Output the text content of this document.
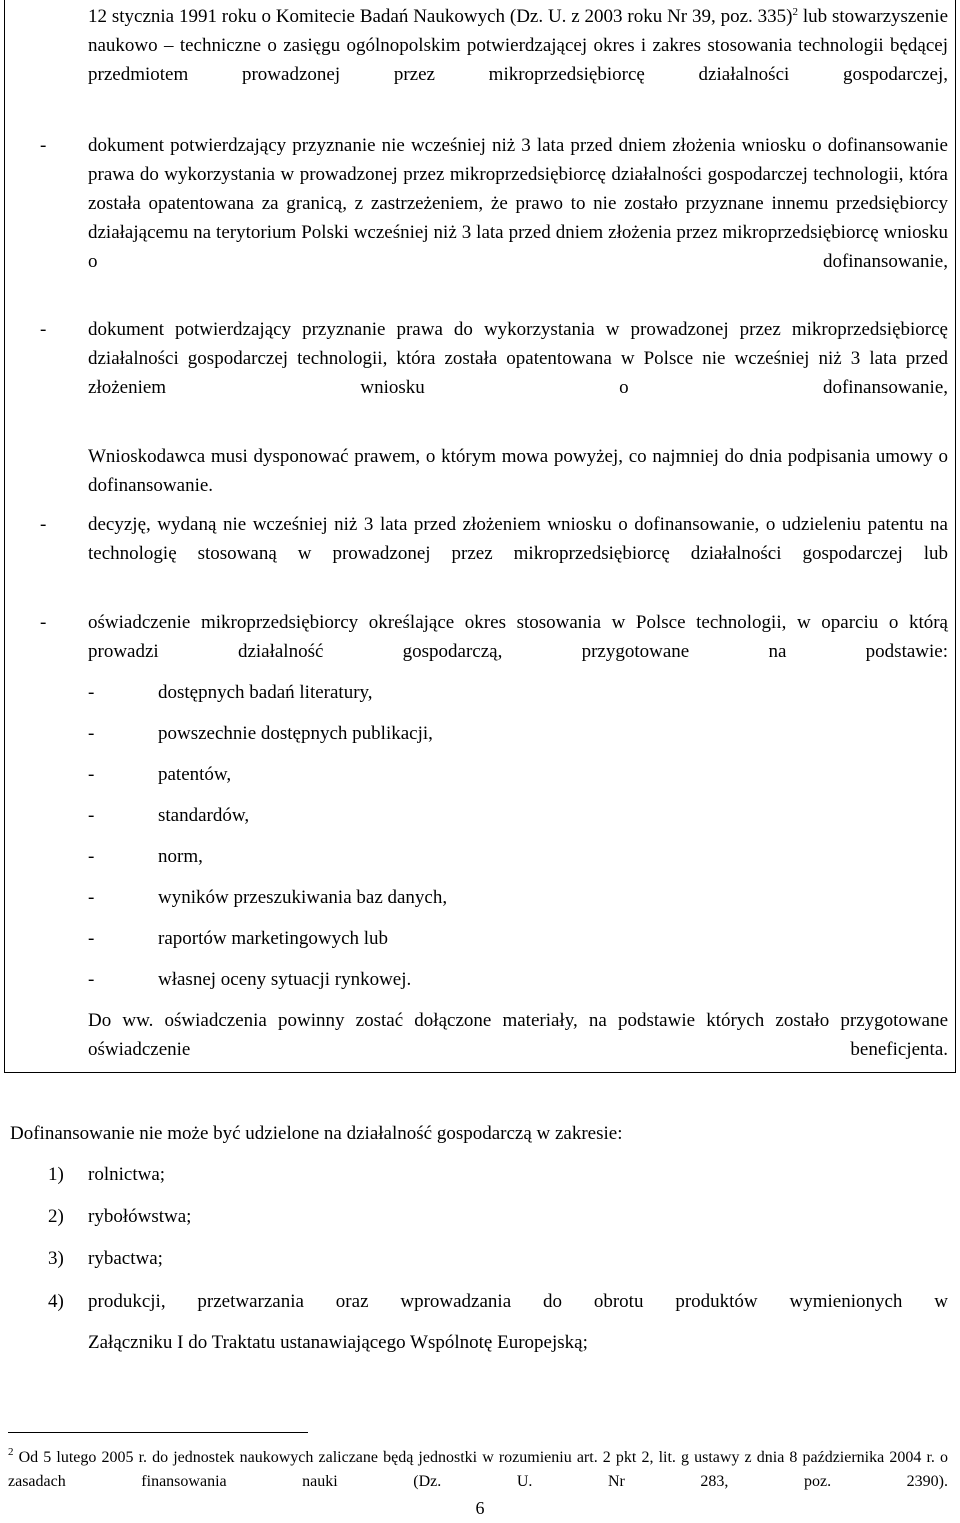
12 stycznia 1991 roku o Komitecie Badań Naukowych (Dz. U. z 2003 roku Nr 39, poz. 335)$^2$ lub stowarzyszenie naukowo – techniczne o zasięgu ogólnopolskim potwierdzającej okres i zakres stosowania technologii będącej przedmiotem prowadzonej przez mikroprzedsiębiorcę działalności gospodarczej,
- dokument potwierdzający przyznanie nie wcześniej niż 3 lata przed dniem złożenia wniosku o dofinansowanie prawa do wykorzystania w prowadzonej przez mikroprzedsiębiorcę działalności gospodarczej technologii, która została opatentowana za granicą, z zastrzeżeniem, że prawo to nie zostało przyznane innemu przedsiębiorcy działającemu na terytorium Polski wcześniej niż 3 lata przed dniem złożenia przez mikroprzedsiębiorcę wniosku o dofinansowanie,
- dokument potwierdzający przyznanie prawa do wykorzystania w prowadzonej przez mikroprzedsiębiorcę działalności gospodarczej technologii, która została opatentowana w Polsce nie wcześniej niż 3 lata przed złożeniem wniosku o dofinansowanie,
Wnioskodawca musi dysponować prawem, o którym mowa powyżej, co najmniej do dnia podpisania umowy o dofinansowanie.
- decyzję, wydaną nie wcześniej niż 3 lata przed złożeniem wniosku o dofinansowanie, o udzieleniu patentu na technologię stosowaną w prowadzonej przez mikroprzedsiębiorcę działalności gospodarczej lub
- oświadczenie mikroprzedsiębiorcy określające okres stosowania w Polsce technologii, w oparciu o którą prowadzi działalność gospodarczą, przygotowane na podstawie:
-	dostępnych badań literatury,
-	powszechnie dostępnych publikacji,
-	patentów,
-	standardów,
-	norm,
-	wyników przeszukiwania baz danych,
-	raportów marketingowych lub
-	własnej oceny sytuacji rynkowej.
Do ww. oświadczenia powinny zostać dołączone materiały, na podstawie których zostało przygotowane oświadczenie beneficjenta.
Dofinansowanie nie może być udzielone na działalność gospodarczą w zakresie:
1) rolnictwa;
2) rybołówstwa;
3) rybactwa;
4) produkcji, przetwarzania oraz wprowadzania do obrotu produktów wymienionych w
Załączniku I do Traktatu ustanawiającego Wspólnotę Europejską;
$^2$ Od 5 lutego 2005 r. do jednostek naukowych zaliczane będą jednostki w rozumieniu art. 2 pkt 2, lit. g ustawy z dnia 8 października 2004 r. o zasadach finansowania nauki (Dz. U. Nr 283, poz. 2390).
6
